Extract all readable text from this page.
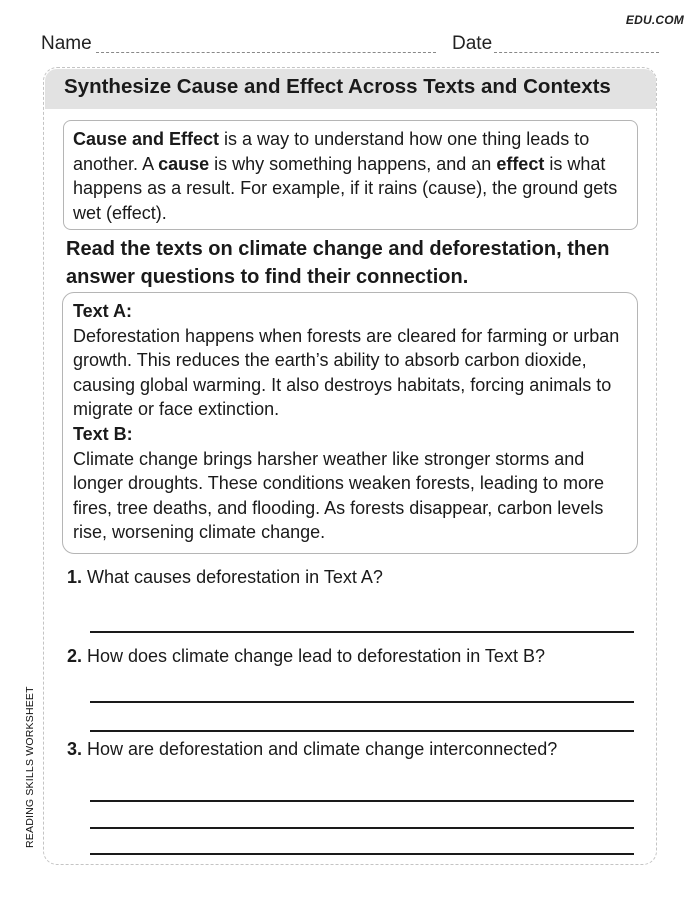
EDU.COM
Name	Date
Synthesize Cause and Effect Across Texts and Contexts
Cause and Effect is a way to understand how one thing leads to another. A cause is why something happens, and an effect is what happens as a result. For example, if it rains (cause), the ground gets wet (effect).
Read the texts on climate change and deforestation, then answer questions to find their connection.
Text A:
Deforestation happens when forests are cleared for farming or urban growth. This reduces the earth’s ability to absorb carbon dioxide, causing global warming. It also destroys habitats, forcing animals to migrate or face extinction.
Text B:
Climate change brings harsher weather like stronger storms and longer droughts. These conditions weaken forests, leading to more fires, tree deaths, and flooding. As forests disappear, carbon levels rise, worsening climate change.
1. What causes deforestation in Text A?
2. How does climate change lead to deforestation in Text B?
3. How are deforestation and climate change interconnected?
READING SKILLS WORKSHEET
